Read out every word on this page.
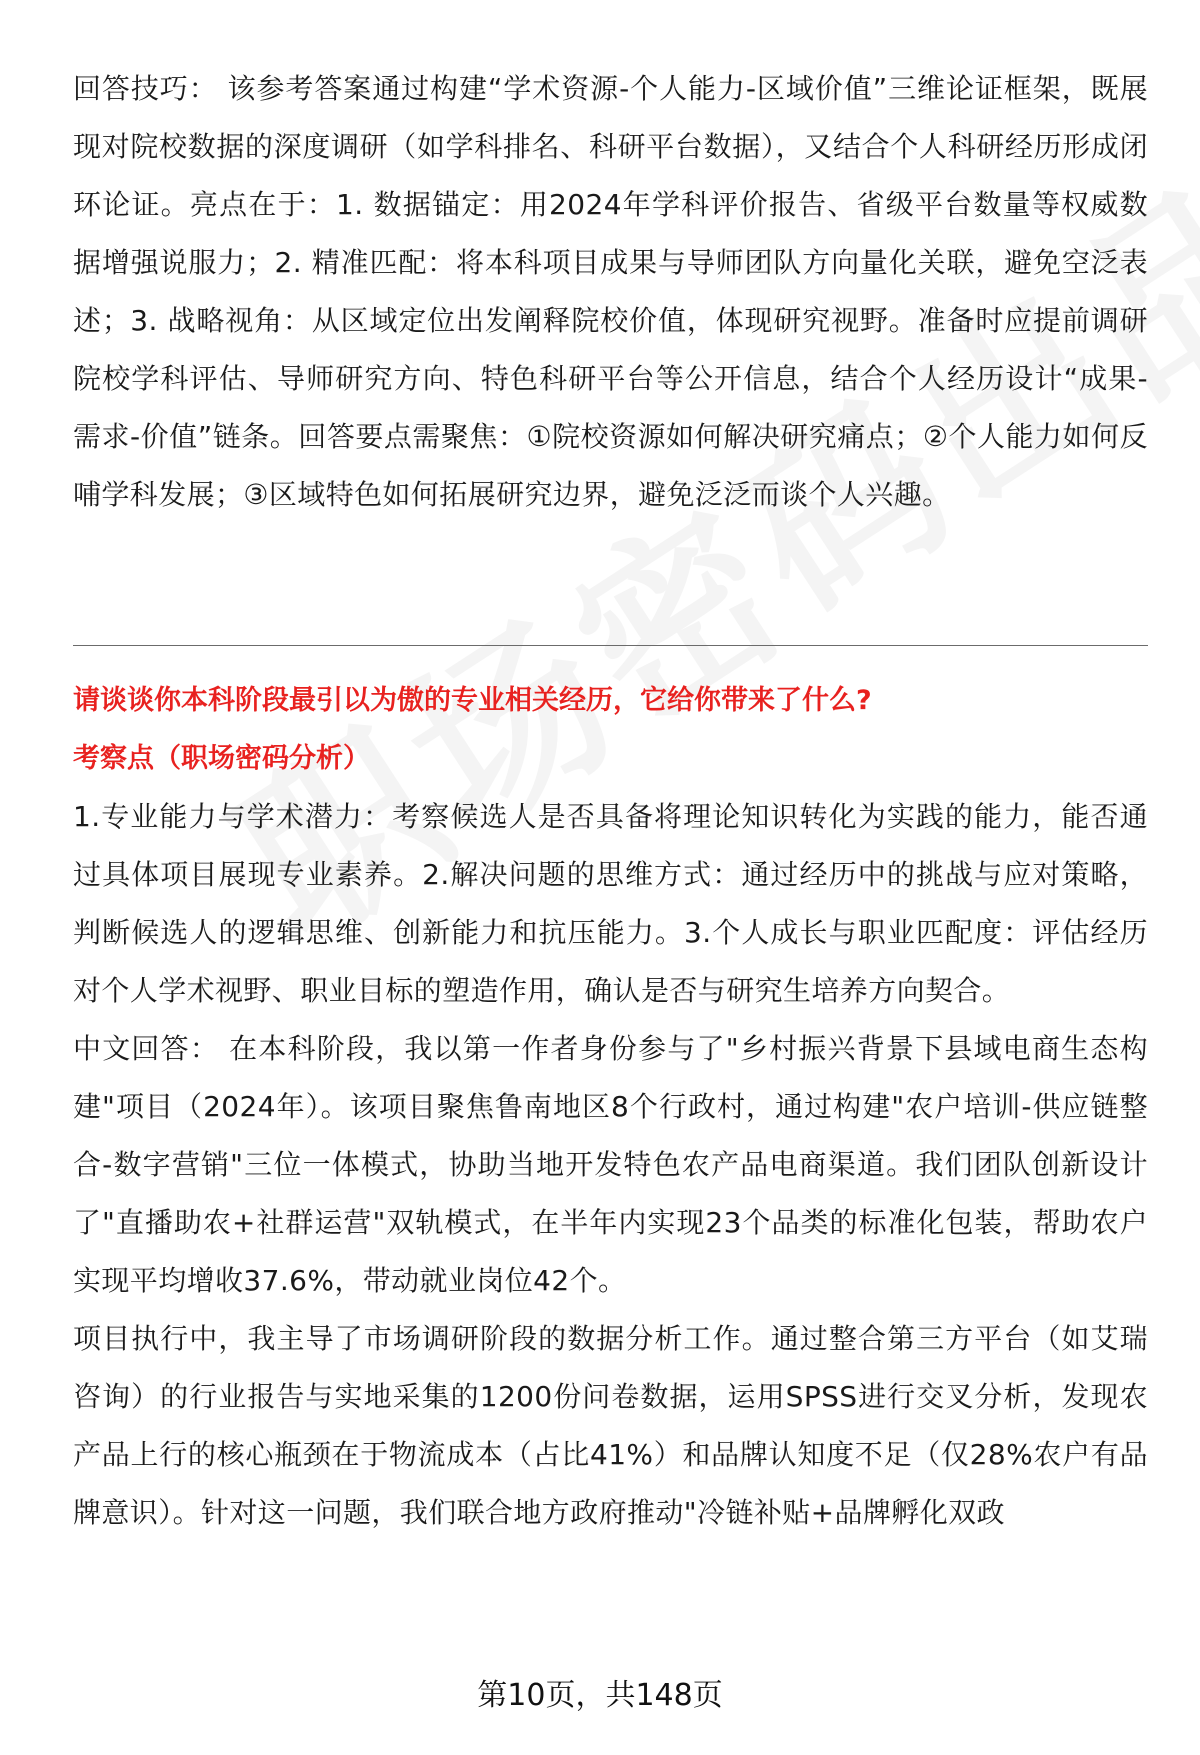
回答技巧： 该参考答案通过构建“学术资源-个人能力-区域价值”三维论证框架，既展现对院校数据的深度调研（如学科排名、科研平台数据），又结合个人科研经历形成闭环论证。亮点在于：1. 数据锚定：用2024年学科评价报告、省级平台数量等权威数据增强说服力；2. 精准匹配：将本科项目成果与导师团队方向量化关联，避免空泛表述；3. 战略视角：从区域定位出发阐释院校价值，体现研究视野。准备时应提前调研院校学科评估、导师研究方向、特色科研平台等公开信息，结合个人经历设计“成果-需求-价值”链条。回答要点需聚焦：①院校资源如何解决研究痛点；②个人能力如何反哺学科发展；③区域特色如何拓展研究边界，避免泛泛而谈个人兴趣。

请谈谈你本科阶段最引以为傲的专业相关经历，它给你带来了什么?

考察点（职场密码分析）

1.专业能力与学术潜力：考察候选人是否具备将理论知识转化为实践的能力，能否通过具体项目展现专业素养。2.解决问题的思维方式：通过经历中的挑战与应对策略，判断候选人的逻辑思维、创新能力和抗压能力。3.个人成长与职业匹配度：评估经历对个人学术视野、职业目标的塑造作用，确认是否与研究生培养方向契合。

中文回答： 在本科阶段，我以第一作者身份参与了"乡村振兴背景下县域电商生态构建"项目（2024年）。该项目聚焦鲁南地区8个行政村，通过构建"农户培训-供应链整合-数字营销"三位一体模式，协助当地开发特色农产品电商渠道。我们团队创新设计了"直播助农+社群运营"双轨模式，在半年内实现23个品类的标准化包装，帮助农户实现平均增收37.6%，带动就业岗位42个。

项目执行中，我主导了市场调研阶段的数据分析工作。通过整合第三方平台（如艾瑞咨询）的行业报告与实地采集的1200份问卷数据，运用SPSS进行交叉分析，发现农产品上行的核心瓶颈在于物流成本（占比41%）和品牌认知度不足（仅28%农户有品牌意识）。针对这一问题，我们联合地方政府推动"冷链补贴+品牌孵化双政

第10页，共148页
